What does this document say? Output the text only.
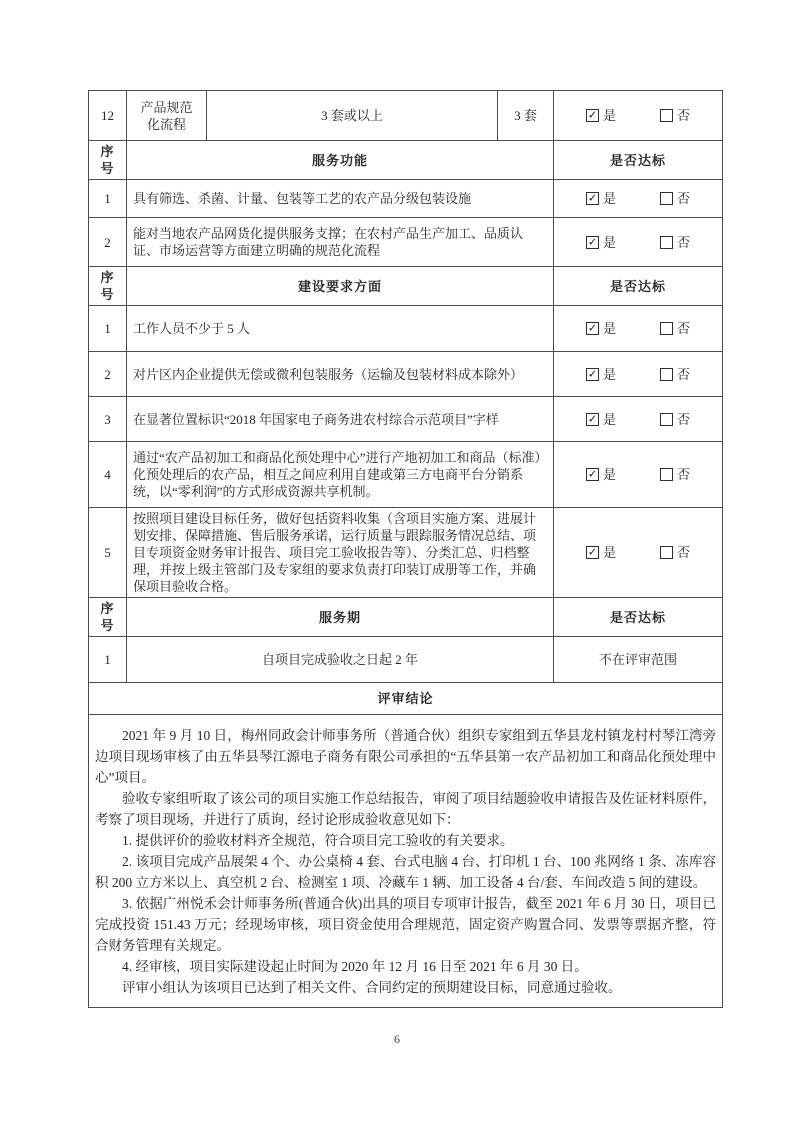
12	产品规范化流程	3 套或以上	3 套	✓ 是 否

序号	服务功能			是否达标
1	具有筛选、杀菌、计量、包装等工艺的农产品分级包装设施			✓ 是 否

2	能对当地农产品网货化提供服务支撑；在农村产品生产加工、品质认证、市场运营等方面建立明确的规范化流程			✓ 是 否

序号	建设要求方面			是否达标
1	工作人员不少于 5 人			✓ 是 否

2	对片区内企业提供无偿或微利包装服务（运输及包装材料成本除外）			✓ 是 否

3	在显著位置标识“2018 年国家电子商务进农村综合示范项目”字样			✓ 是 否

4	通过“农产品初加工和商品化预处理中心”进行产地初加工和商品（标准）化预处理后的农产品，相互之间应利用自建或第三方电商平台分销系统，以“零利润”的方式形成资源共享机制。			✓ 是 否

5	按照项目建设目标任务，做好包括资料收集（含项目实施方案、进展计划安排、保障措施、售后服务承诺，运行质量与跟踪服务情况总结、项目专项资金财务审计报告、项目完工验收报告等）、分类汇总、归档整理，并按上级主管部门及专家组的要求负责打印装订成册等工作，并确保项目验收合格。			✓ 是 否

序号	服务期			是否达标
1	自项目完成验收之日起 2 年			不在评审范围
评审结论				

2021 年 9 月 10 日，梅州同政会计师事务所（普通合伙）组织专家组到五华县龙村镇龙村村琴江湾旁边项目现场审核了由五华县琴江源电子商务有限公司承担的“五华县第一农产品初加工和商品化预处理中心”项目。

验收专家组听取了该公司的项目实施工作总结报告，审阅了项目结题验收申请报告及佐证材料原件，考察了项目现场，并进行了质询，经讨论形成验收意见如下：

1. 提供评价的验收材料齐全规范，符合项目完工验收的有关要求。

2. 该项目完成产品展架 4 个、办公桌椅 4 套、台式电脑 4 台、打印机 1 台、100 兆网络 1 条、冻库容积 200 立方米以上、真空机 2 台、检测室 1 项、冷藏车 1 辆、加工设备 4 台/套、车间改造 5 间的建设。

3. 依据广州悦禾会计师事务所(普通合伙)出具的项目专项审计报告，截至 2021 年 6 月 30 日，项目已完成投资 151.43 万元；经现场审核，项目资金使用合理规范，固定资产购置合同、发票等票据齐整，符合财务管理有关规定。

4. 经审核，项目实际建设起止时间为 2020 年 12 月 16 日至 2021 年 6 月 30 日。

评审小组认为该项目已达到了相关文件、合同约定的预期建设目标，同意通过验收。

6
